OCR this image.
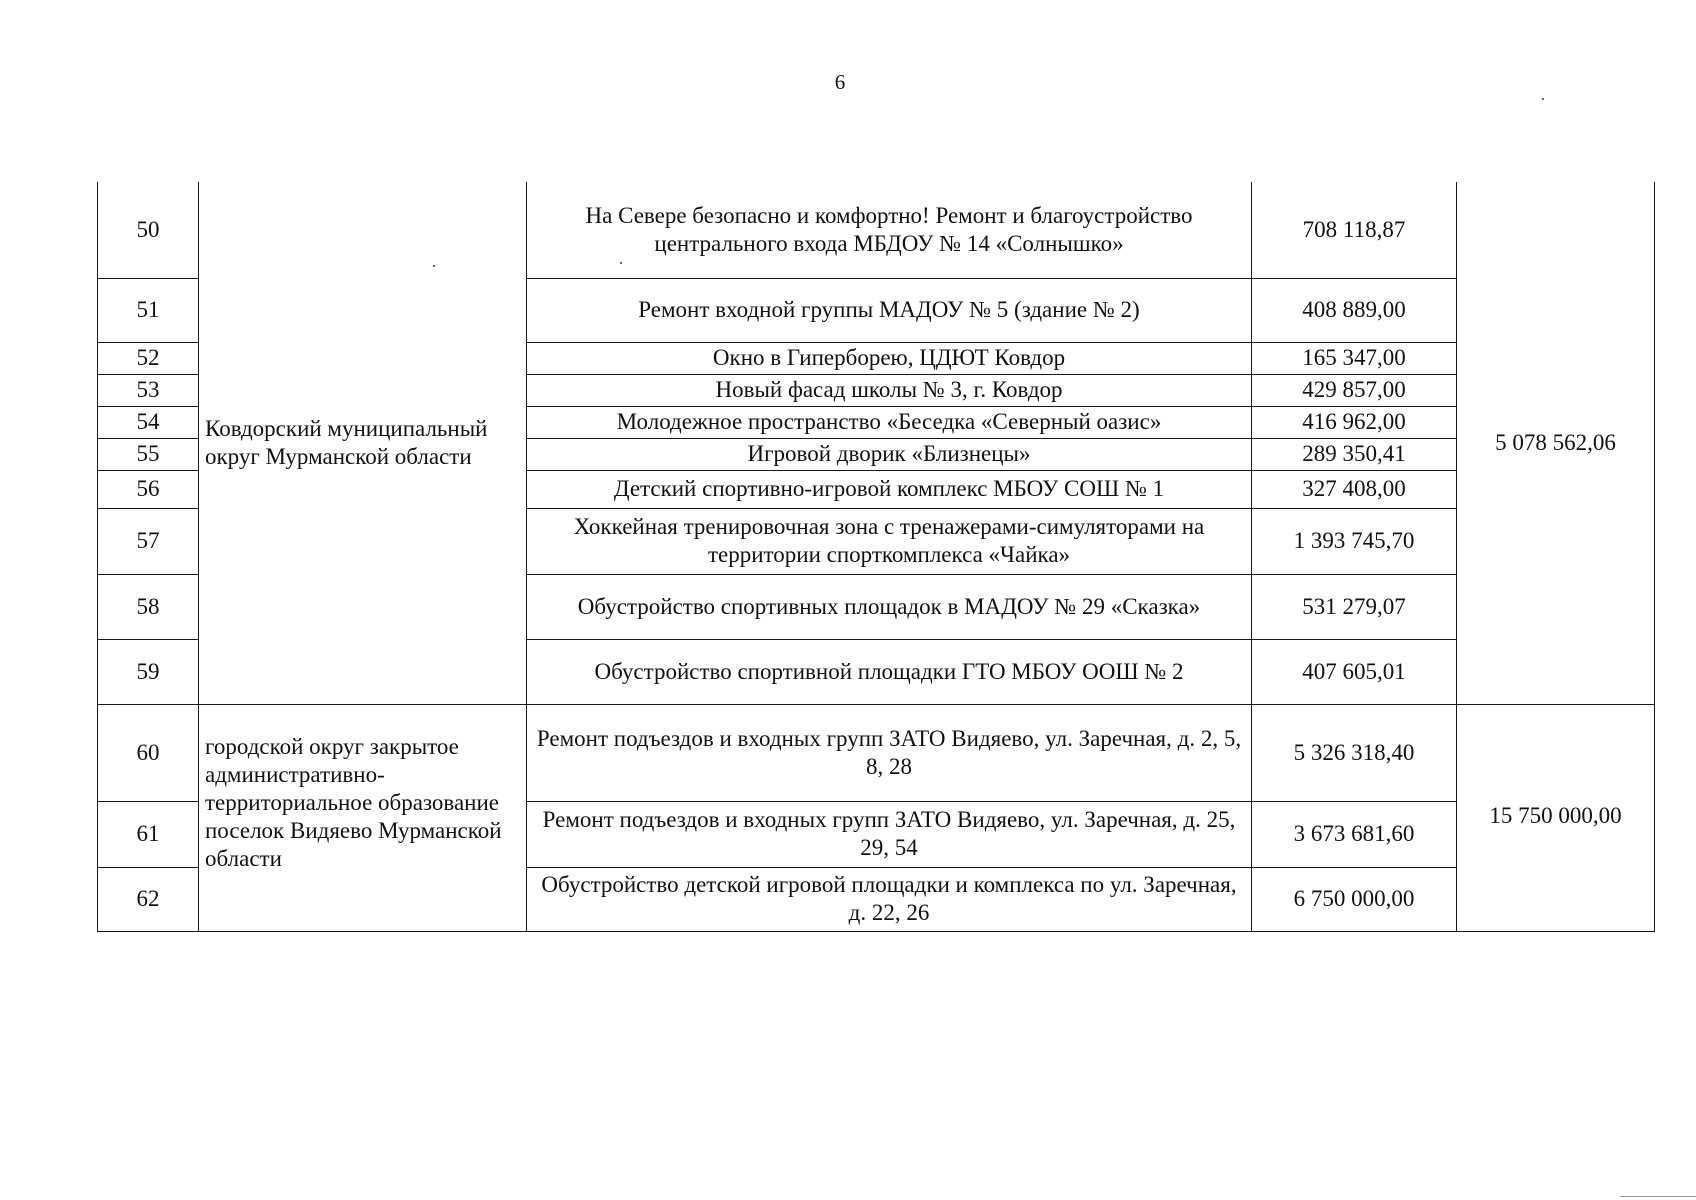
6
50	Ковдорский муниципальный округ Мурманской области	На Севере безопасно и комфортно! Ремонт и благоустройство центрального входа МБДОУ № 14 «Солнышко»	708 118,87	5 078 562,06
51		Ремонт входной группы МАДОУ № 5 (здание № 2)	408 889,00	
52		Окно в Гиперборею, ЦДЮТ Ковдор	165 347,00	
53		Новый фасад школы № 3, г. Ковдор	429 857,00	
54		Молодежное пространство «Беседка «Северный оазис»	416 962,00	
55		Игровой дворик «Близнецы»	289 350,41	
56		Детский спортивно-игровой комплекс МБОУ СОШ № 1	327 408,00	
57		Хоккейная тренировочная зона с тренажерами-симуляторами на территории спорткомплекса «Чайка»	1 393 745,70	
58		Обустройство спортивных площадок в МАДОУ № 29 «Сказка»	531 279,07	
59		Обустройство спортивной площадки ГТО МБОУ ООШ № 2	407 605,01	
60	городской округ закрытое административно-территориальное образование поселок Видяево Мурманской области	Ремонт подъездов и входных групп ЗАТО Видяево, ул. Заречная, д. 2, 5, 8, 28	5 326 318,40	15 750 000,00
61		Ремонт подъездов и входных групп ЗАТО Видяево, ул. Заречная, д. 25, 29, 54	3 673 681,60	
62		Обустройство детской игровой площадки и комплекса по ул. Заречная, д. 22, 26	6 750 000,00	
